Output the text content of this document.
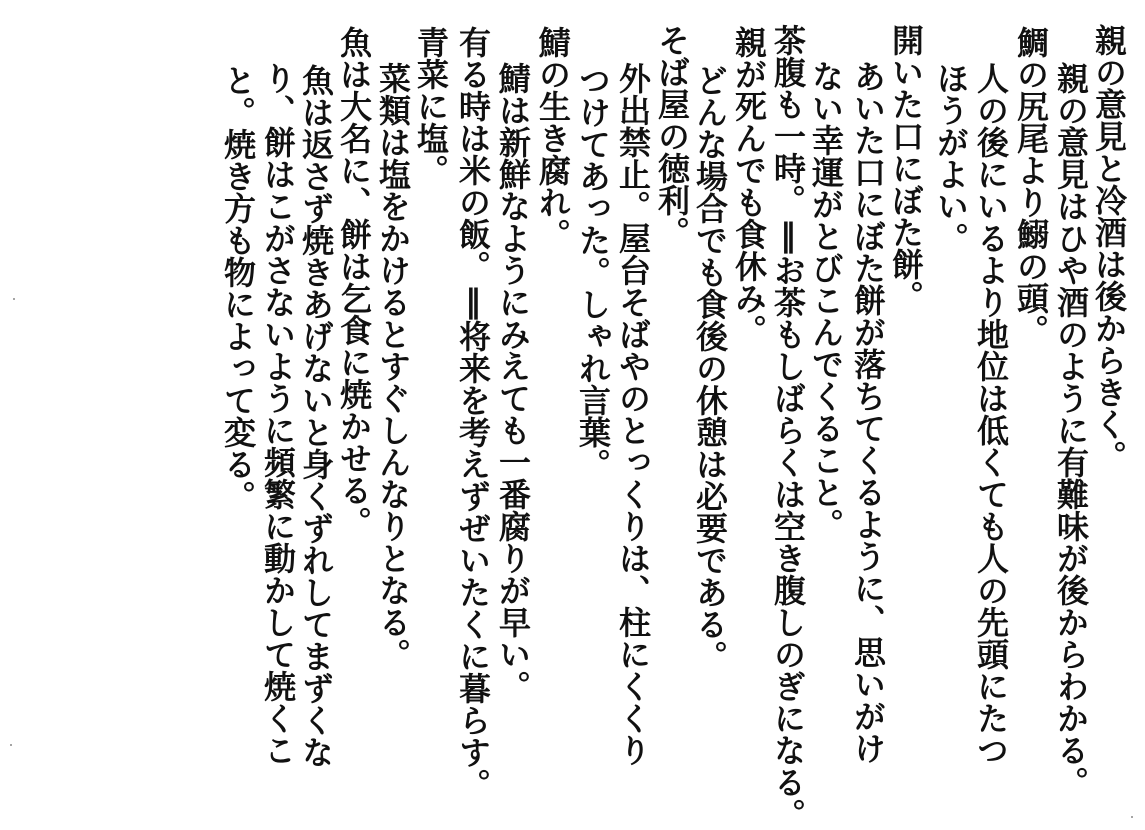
親の意見と冷酒は後からきく。
親の意見はひや酒のように有難味が後からわかる。
鯛の尻尾より鰯の頭。
人の後にいるより地位は低くても人の先頭にたつ
ほうがよい。
開いた口にぼた餅。
あいた口にぼた餅が落ちてくるように、思いがけ
ない幸運がとびこんでくること。
茶腹も一時。‖お茶もしばらくは空き腹しのぎになる。
親が死んでも食休み。
どんな場合でも食後の休憩は必要である。
そば屋の徳利。
外出禁止。屋台そばやのとっくりは、柱にくくり
つけてあった。しゃれ言葉。
鯖の生き腐れ。
鯖は新鮮なようにみえても一番腐りが早い。
有る時は米の飯。‖将来を考えずぜいたくに暮らす。
青菜に塩。
菜類は塩をかけるとすぐしんなりとなる。
魚は大名に、餅は乞食に焼かせる。
魚は返さず焼きあげないと身くずれしてまずくな
り、餅はこがさないように頻繁に動かして焼くこ
と。焼き方も物によって変る。
